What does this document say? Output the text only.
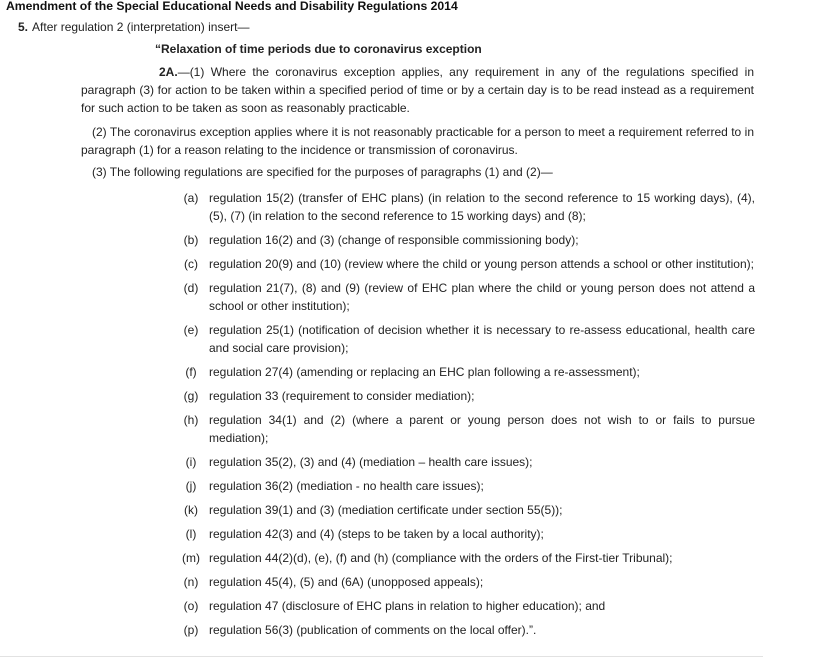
Amendment of the Special Educational Needs and Disability Regulations 2014
5. After regulation 2 (interpretation) insert—
“Relaxation of time periods due to coronavirus exception
2A.—(1) Where the coronavirus exception applies, any requirement in any of the regulations specified in paragraph (3) for action to be taken within a specified period of time or by a certain day is to be read instead as a requirement for such action to be taken as soon as reasonably practicable.
(2) The coronavirus exception applies where it is not reasonably practicable for a person to meet a requirement referred to in paragraph (1) for a reason relating to the incidence or transmission of coronavirus.
(3) The following regulations are specified for the purposes of paragraphs (1) and (2)—
(a) regulation 15(2) (transfer of EHC plans) (in relation to the second reference to 15 working days), (4), (5), (7) (in relation to the second reference to 15 working days) and (8);
(b) regulation 16(2) and (3) (change of responsible commissioning body);
(c) regulation 20(9) and (10) (review where the child or young person attends a school or other institution);
(d) regulation 21(7), (8) and (9) (review of EHC plan where the child or young person does not attend a school or other institution);
(e) regulation 25(1) (notification of decision whether it is necessary to re-assess educational, health care and social care provision);
(f)	regulation 27(4) (amending or replacing an EHC plan following a re-assessment);
(g) regulation 33 (requirement to consider mediation);
(h) regulation 34(1) and (2) (where a parent or young person does not wish to or fails to pursue mediation);
(i)	regulation 35(2), (3) and (4) (mediation – health care issues);
(j)	regulation 36(2) (mediation - no health care issues);
(k) regulation 39(1) and (3) (mediation certificate under section 55(5));
(l)	regulation 42(3) and (4) (steps to be taken by a local authority);
(m) regulation 44(2)(d), (e), (f) and (h) (compliance with the orders of the First-tier Tribunal);
(n) regulation 45(4), (5) and (6A) (unopposed appeals);
(o) regulation 47 (disclosure of EHC plans in relation to higher education); and
(p) regulation 56(3) (publication of comments on the local offer).”.
